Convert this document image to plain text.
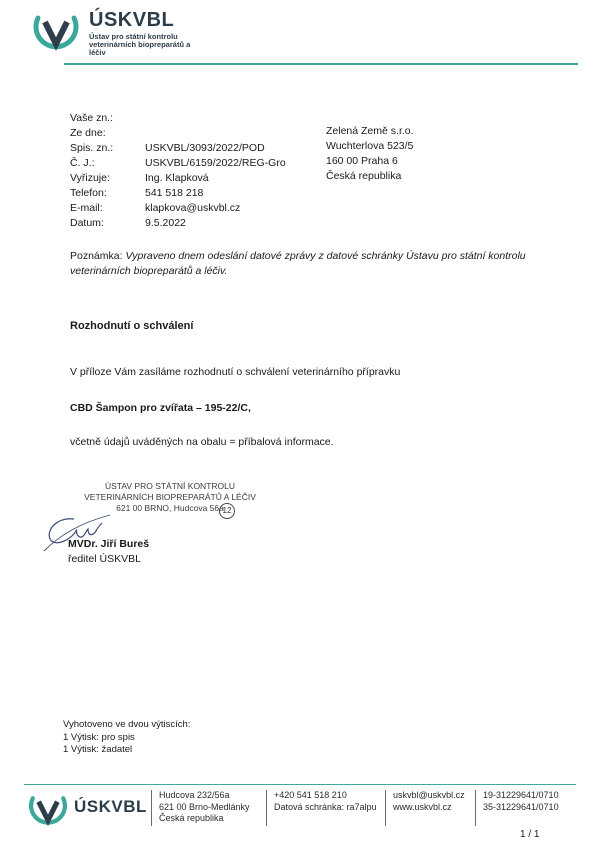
ÚSKVBL
Ústav pro státní kontrolu veterinárních biopreparátů a léčiv
Vaše zn.:
Ze dne:
Spis. zn.:	USKVBL/3093/2022/POD
Č. J.:	USKVBL/6159/2022/REG-Gro
Vyřizuje:	Ing. Klapková
Telefon:	541 518 218
E-mail:	klapkova@uskvbl.cz
Datum:	9.5.2022
Zelená Země s.r.o.
Wuchterlova 523/5
160 00 Praha 6
Česká republika
Poznámka: Vypraveno dnem odeslání datové zprávy z datové schránky Ústavu pro státní kontrolu veterinárních biopreparátů a léčiv.
Rozhodnutí o schválení
V příloze Vám zasíláme rozhodnutí o schválení veterinárního přípravku
CBD Šampon pro zvířata – 195-22/C,
včetně údajů uváděných na obalu = příbalová informace.
ÚSTAV PRO STÁTNÍ KONTROLU
VETERINÁRNÍCH BIOPREPARÁTŮ A LÉČIV
621 00 BRNO, Hudcova 56a
12
MVDr. Jiří Bureš
ředitel ÚSKVBL
Vyhotoveno ve dvou výtiscích:
1 Výtisk: pro spis
1 Výtisk: žadatel
ÚSKVBL
Hudcova 232/56a
621 00 Brno-Medlánky
Česká republika
+420 541 518 210
Datová schránka: ra7alpu
uskvbl@uskvbl.cz
www.uskvbl.cz
19-31229641/0710
35-31229641/0710
1 / 1
